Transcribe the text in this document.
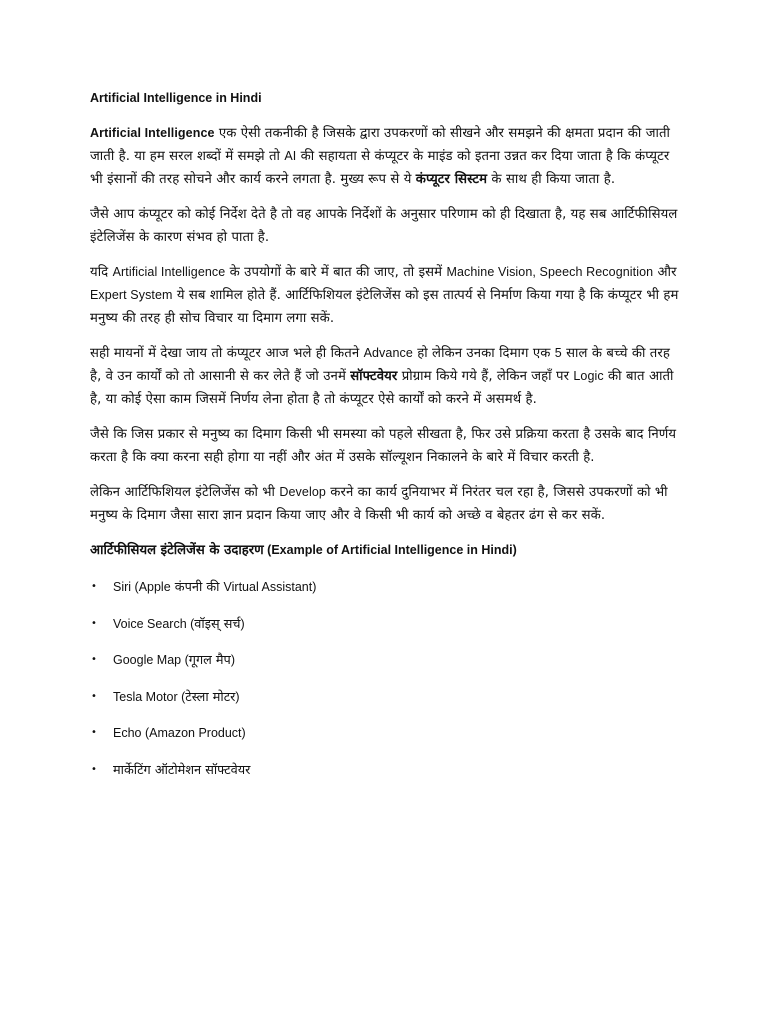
Artificial Intelligence in Hindi

Artificial Intelligence एक ऐसी तकनीकी है जिसके द्वारा उपकरणों को सीखने और समझने की क्षमता प्रदान की जाती जाती है. या हम सरल शब्दों में समझे तो AI की सहायता से कंप्यूटर के माइंड को इतना उन्नत कर दिया जाता है कि कंप्यूटर भी इंसानों की तरह सोचने और कार्य करने लगता है. मुख्य रूप से ये कंप्यूटर सिस्टम के साथ ही किया जाता है.

जैसे आप कंप्यूटर को कोई निर्देश देते है तो वह आपके निर्देशों के अनुसार परिणाम को ही दिखाता है, यह सब आर्टिफीसियल इंटेलिजेंस के कारण संभव हो पाता है.

यदि Artificial Intelligence के उपयोगों के बारे में बात की जाए, तो इसमें Machine Vision, Speech Recognition और Expert System ये सब शामिल होते हैं. आर्टिफिशियल इंटेलिजेंस को इस तात्पर्य से निर्माण किया गया है कि कंप्यूटर भी हम मनुष्य की तरह ही सोच विचार या दिमाग लगा सकें.

सही मायनों में देखा जाय तो कंप्यूटर आज भले ही कितने Advance हो लेकिन उनका दिमाग एक 5 साल के बच्चे की तरह है, वे उन कार्यों को तो आसानी से कर लेते हैं जो उनमें सॉफ्टवेयर प्रोग्राम किये गये हैं, लेकिन जहाँ पर Logic की बात आती है, या कोई ऐसा काम जिसमें निर्णय लेना होता है तो कंप्यूटर ऐसे कार्यों को करने में असमर्थ है.

जैसे कि जिस प्रकार से मनुष्य का दिमाग किसी भी समस्या को पहले सीखता है, फिर उसे प्रक्रिया करता है उसके बाद निर्णय करता है कि क्या करना सही होगा या नहीं और अंत में उसके सॉल्यूशन निकालने के बारे में विचार करती है.

लेकिन आर्टिफिशियल इंटेलिजेंस को भी Develop करने का कार्य दुनियाभर में निरंतर चल रहा है, जिससे उपकरणों को भी मनुष्य के दिमाग जैसा सारा ज्ञान प्रदान किया जाए और वे किसी भी कार्य को अच्छे व बेहतर ढंग से कर सकें.

आर्टिफीसियल इंटेलिजेंस के उदाहरण (Example of Artificial Intelligence in Hindi)
• Siri (Apple कंपनी की Virtual Assistant)
• Voice Search (वॉइस् सर्च)
• Google Map (गूगल मैप)
• Tesla Motor (टेस्ला मोटर)
• Echo (Amazon Product)
• मार्केटिंग ऑटोमेशन सॉफ्टवेयर
